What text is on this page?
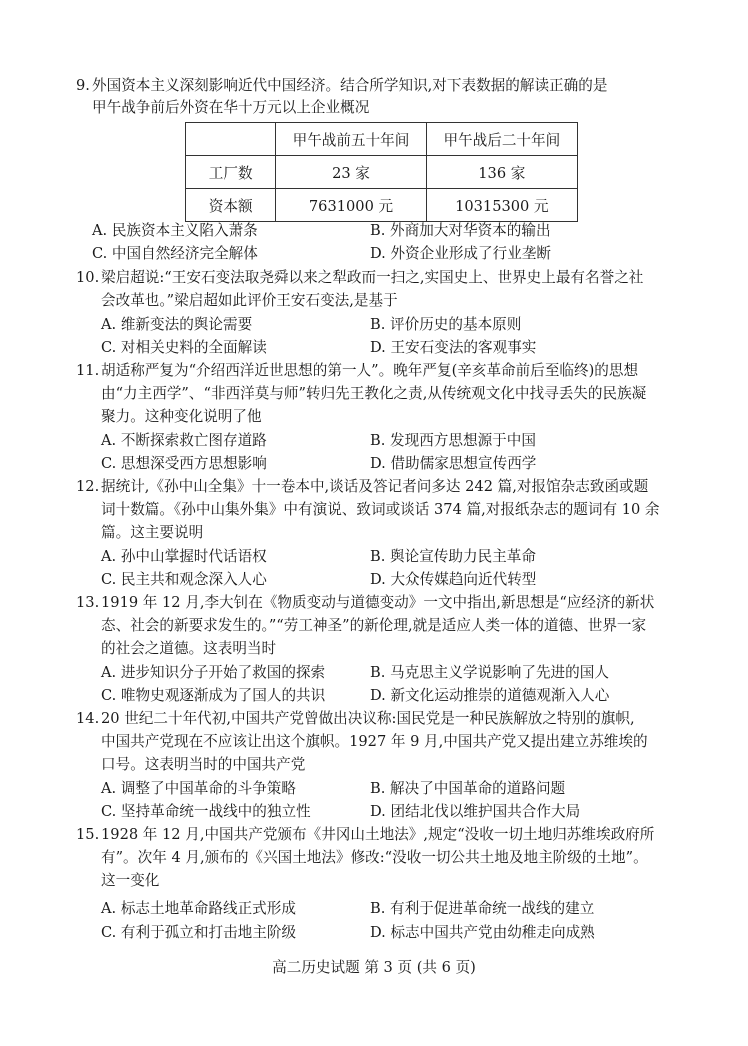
9. 外国资本主义深刻影响近代中国经济。结合所学知识,对下表数据的解读正确的是
甲午战争前后外资在华十万元以上企业概况
	甲午战前五十年间	甲午战后二十年间
工厂数	23 家	136 家
资本额	7631000 元	10315300 元
A. 民族资本主义陷入萧条	B. 外商加大对华资本的输出
C. 中国自然经济完全解体	D. 外资企业形成了行业垄断
10. 梁启超说:“王安石变法取尧舜以来之犁政而一扫之,实国史上、世界史上最有名誉之社
会改革也。”梁启超如此评价王安石变法,是基于
A. 维新变法的舆论需要	B. 评价历史的基本原则
C. 对相关史料的全面解读	D. 王安石变法的客观事实
11. 胡适称严复为“介绍西洋近世思想的第一人”。晚年严复(辛亥革命前后至临终)的思想
由“力主西学”、“非西洋莫与师”转归先王教化之责,从传统观文化中找寻丢失的民族凝
聚力。这种变化说明了他
A. 不断探索救亡图存道路	B. 发现西方思想源于中国
C. 思想深受西方思想影响	D. 借助儒家思想宣传西学
12. 据统计,《孙中山全集》十一卷本中,谈话及答记者问多达 242 篇,对报馆杂志致函或题
词十数篇。《孙中山集外集》中有演说、致词或谈话 374 篇,对报纸杂志的题词有 10 余
篇。这主要说明
A. 孙中山掌握时代话语权	B. 舆论宣传助力民主革命
C. 民主共和观念深入人心	D. 大众传媒趋向近代转型
13. 1919 年 12 月,李大钊在《物质变动与道德变动》一文中指出,新思想是“应经济的新状
态、社会的新要求发生的。”“劳工神圣”的新伦理,就是适应人类一体的道德、世界一家
的社会之道德。这表明当时
A. 进步知识分子开始了救国的探索	B. 马克思主义学说影响了先进的国人
C. 唯物史观逐渐成为了国人的共识	D. 新文化运动推崇的道德观渐入人心
14. 20 世纪二十年代初,中国共产党曾做出决议称:国民党是一种民族解放之特别的旗帜,
中国共产党现在不应该让出这个旗帜。1927 年 9 月,中国共产党又提出建立苏维埃的
口号。这表明当时的中国共产党
A. 调整了中国革命的斗争策略	B. 解决了中国革命的道路问题
C. 坚持革命统一战线中的独立性	D. 团结北伐以维护国共合作大局
15. 1928 年 12 月,中国共产党颁布《井冈山土地法》,规定“没收一切土地归苏维埃政府所
有”。次年 4 月,颁布的《兴国土地法》修改:“没收一切公共土地及地主阶级的土地”。
这一变化
A. 标志土地革命路线正式形成	B. 有利于促进革命统一战线的建立
C. 有利于孤立和打击地主阶级	D. 标志中国共产党由幼稚走向成熟
高二历史试题 第 3 页 (共 6 页)
